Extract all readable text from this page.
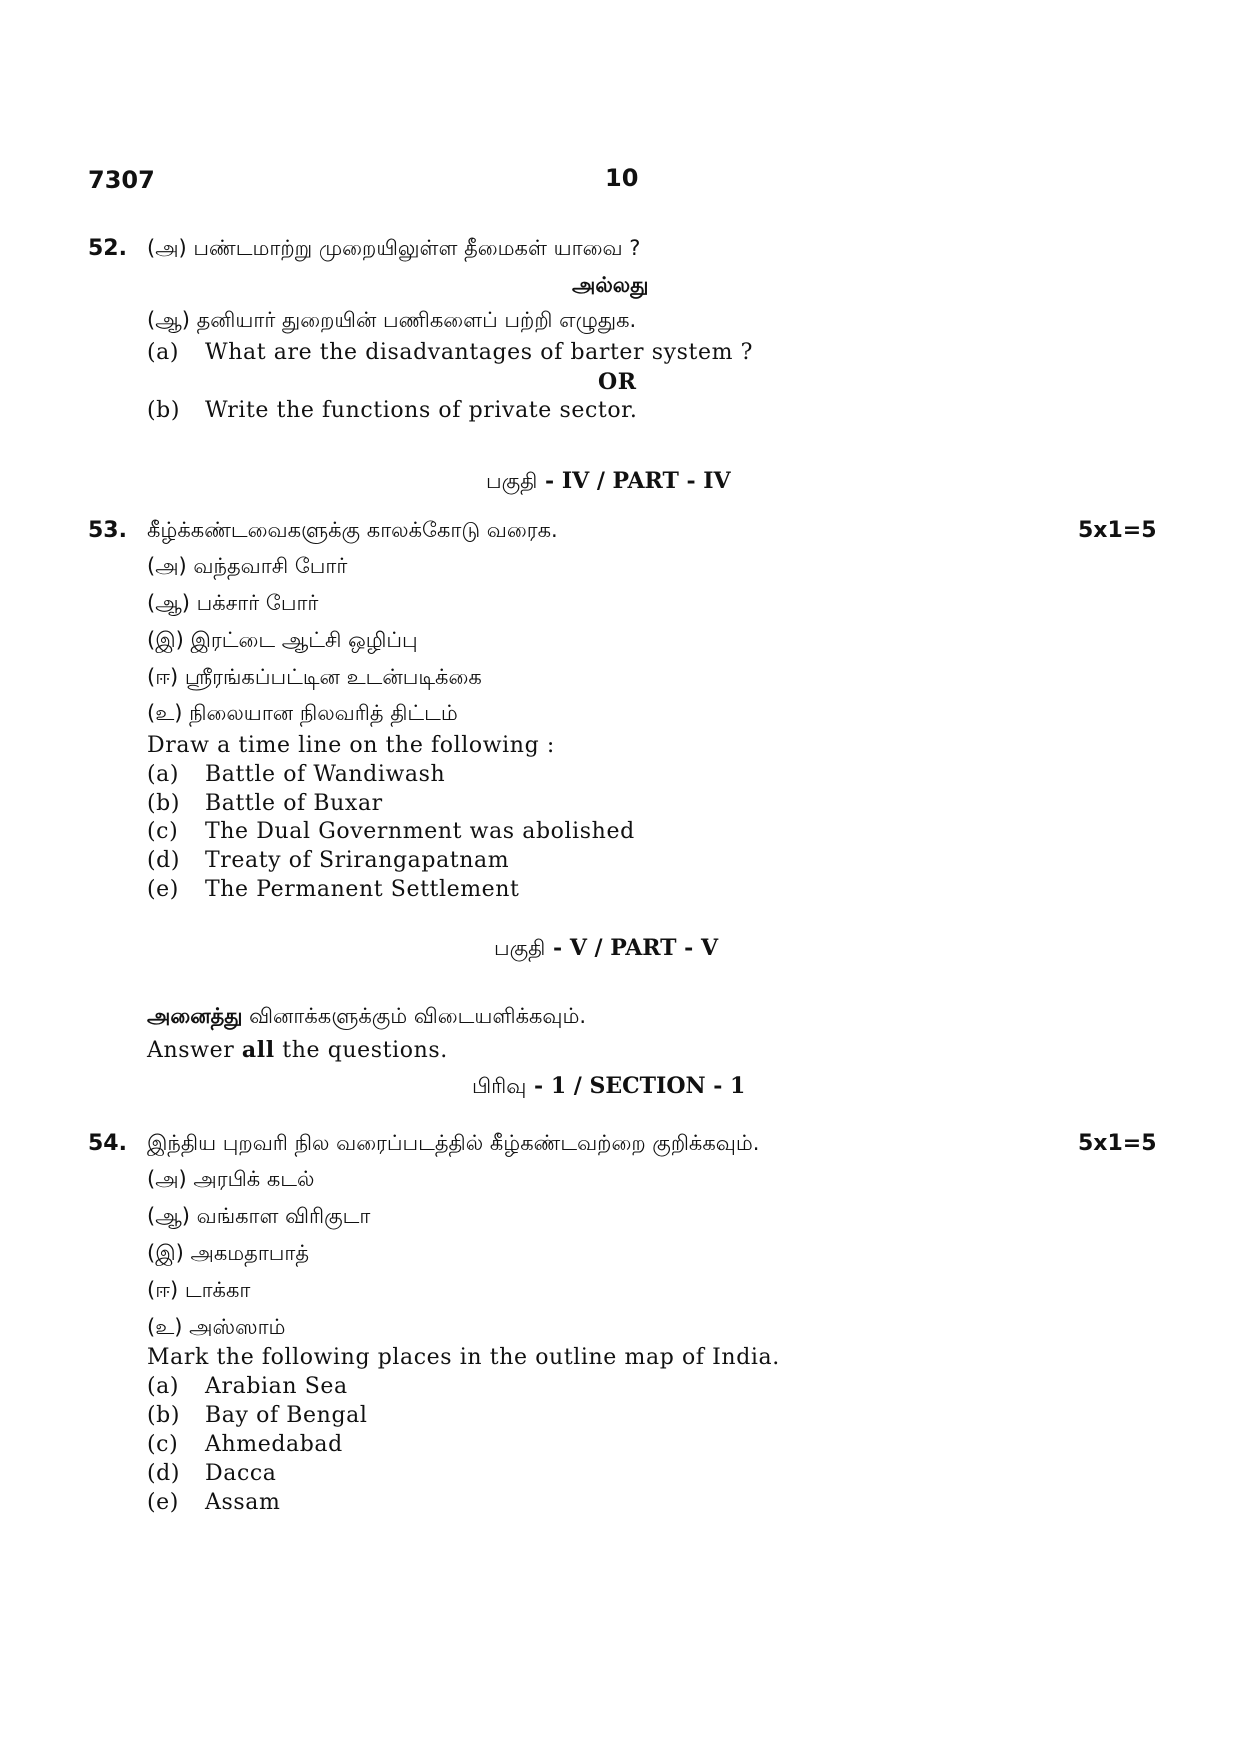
7307	10
52. (அ) பண்டமாற்று முறையிலுள்ள தீமைகள் யாவை ?
அல்லது
(ஆ) தனியார் துறையின் பணிகளைப் பற்றி எழுதுக.
(a) What are the disadvantages of barter system ?
OR
(b) Write the functions of private sector.
பகுதி - IV / PART - IV
53. கீழ்க்கண்டவைகளுக்கு காலக்கோடு வரைக.	5x1=5
(அ) வந்தவாசி போர்
(ஆ) பக்சார் போர்
(இ) இரட்டை ஆட்சி ஒழிப்பு
(ஈ) ஸ்ரீரங்கப்பட்டின உடன்படிக்கை
(உ) நிலையான நிலவரித் திட்டம்
Draw a time line on the following :
(a) Battle of Wandiwash
(b) Battle of Buxar
(c) The Dual Government was abolished
(d) Treaty of Srirangapatnam
(e) The Permanent Settlement
பகுதி - V / PART - V
அனைத்து வினாக்களுக்கும் விடையளிக்கவும்.
Answer all the questions.
பிரிவு - 1 / SECTION - 1
54. இந்திய புறவரி நில வரைப்படத்தில் கீழ்கண்டவற்றை குறிக்கவும்.	5x1=5
(அ) அரபிக் கடல்
(ஆ) வங்காள விரிகுடா
(இ) அகமதாபாத்
(ஈ) டாக்கா
(உ) அஸ்ஸாம்
Mark the following places in the outline map of India.
(a) Arabian Sea
(b) Bay of Bengal
(c) Ahmedabad
(d) Dacca
(e) Assam
